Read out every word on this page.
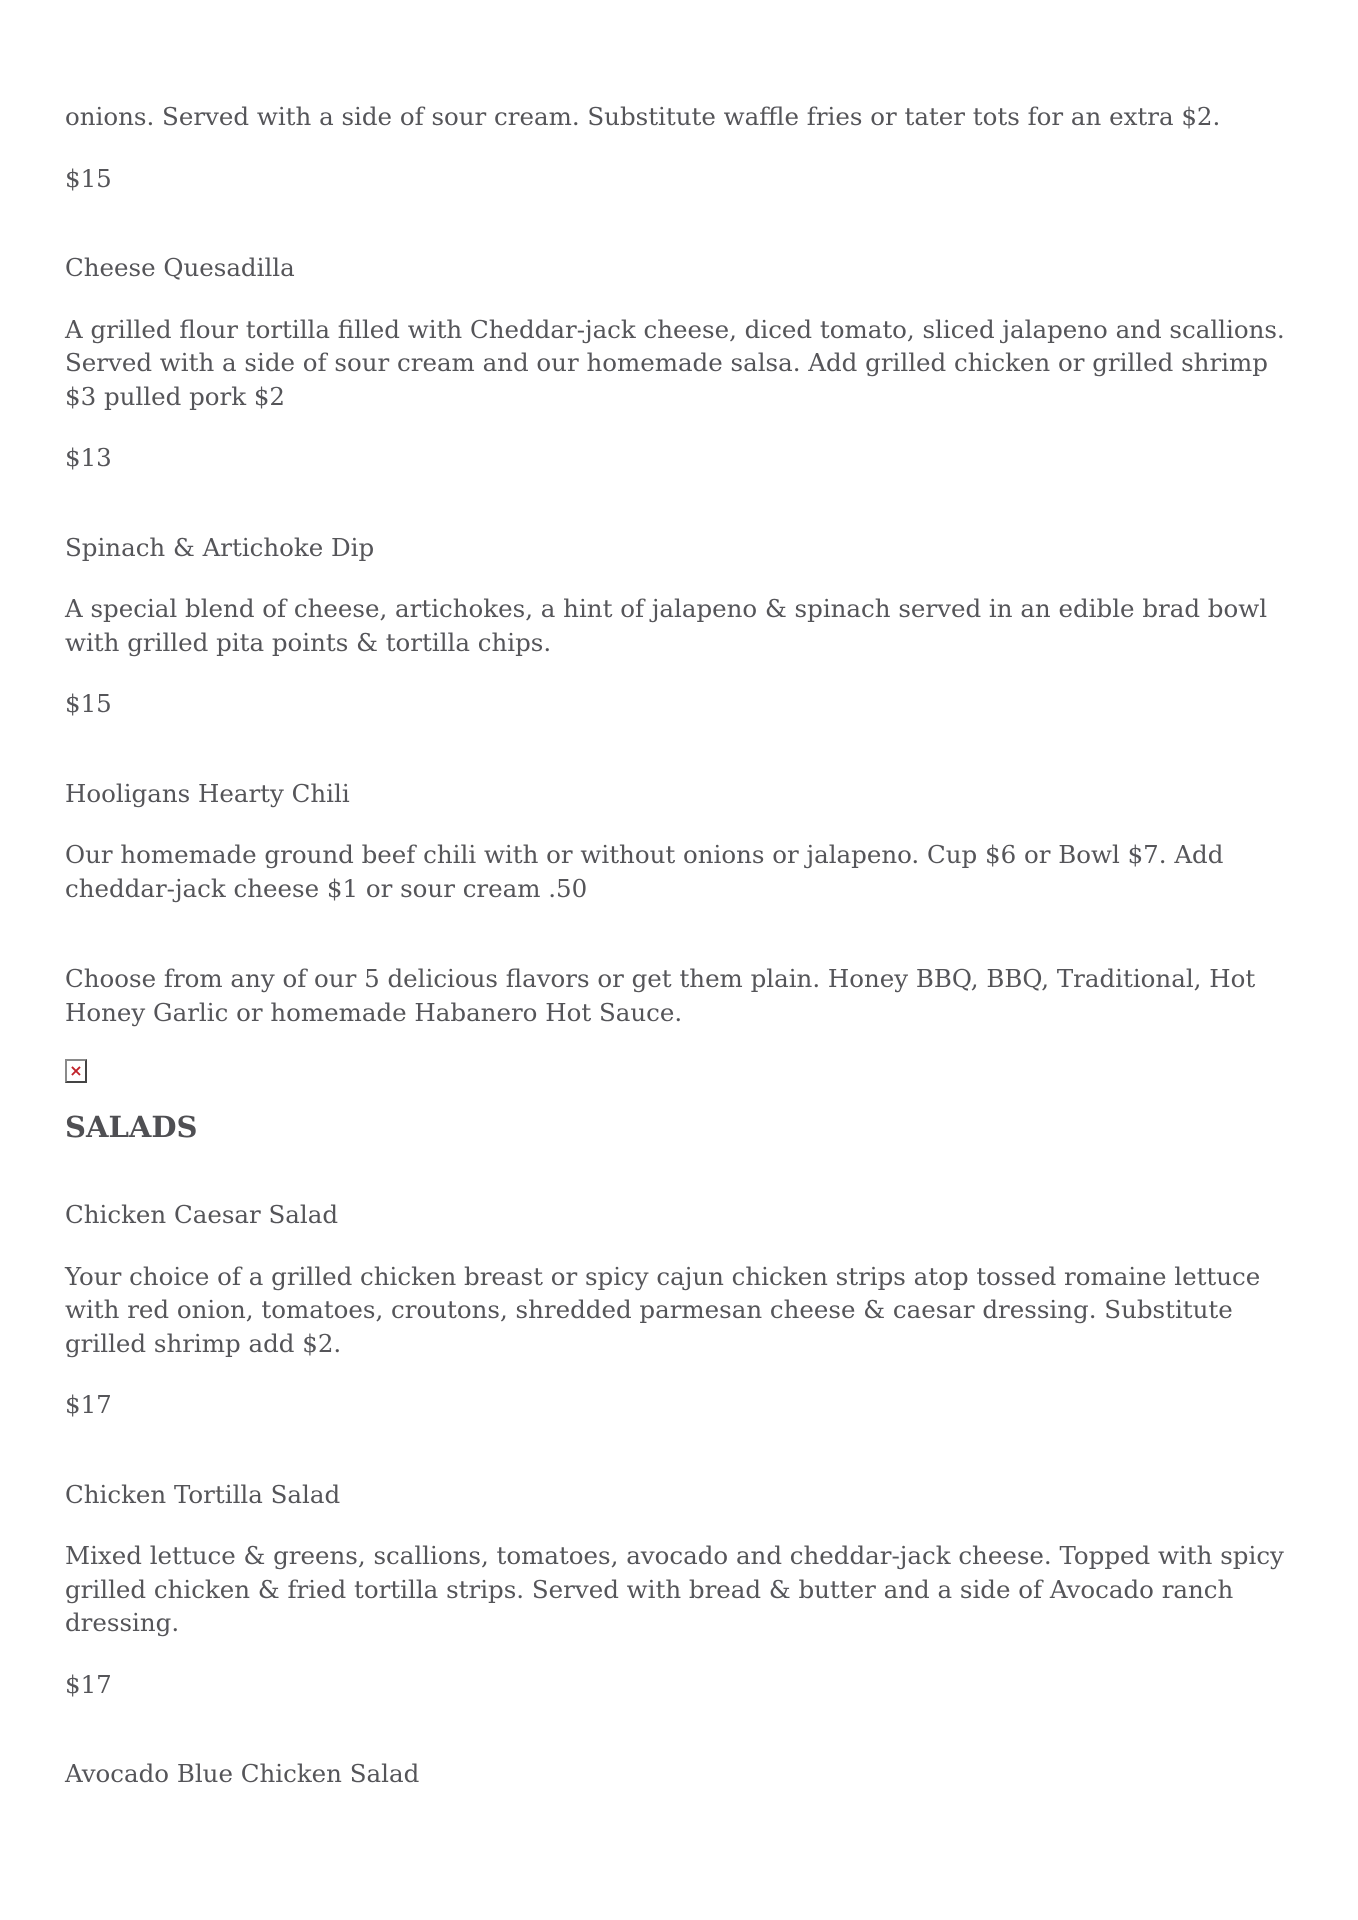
onions. Served with a side of sour cream. Substitute waffle fries or tater tots for an extra $2.

$15

Cheese Quesadilla

A grilled flour tortilla filled with Cheddar-jack cheese, diced tomato, sliced jalapeno and scallions. Served with a side of sour cream and our homemade salsa. Add grilled chicken or grilled shrimp $3 pulled pork $2

$13

Spinach & Artichoke Dip

A special blend of cheese, artichokes, a hint of jalapeno & spinach served in an edible brad bowl with grilled pita points & tortilla chips.

$15

Hooligans Hearty Chili

Our homemade ground beef chili with or without onions or jalapeno. Cup $6 or Bowl $7. Add cheddar-jack cheese $1 or sour cream .50

Choose from any of our 5 delicious flavors or get them plain. Honey BBQ, BBQ, Traditional, Hot Honey Garlic or homemade Habanero Hot Sauce.

×
SALADS

Chicken Caesar Salad

Your choice of a grilled chicken breast or spicy cajun chicken strips atop tossed romaine lettuce with red onion, tomatoes, croutons, shredded parmesan cheese & caesar dressing. Substitute grilled shrimp add $2.

$17

Chicken Tortilla Salad

Mixed lettuce & greens, scallions, tomatoes, avocado and cheddar-jack cheese. Topped with spicy grilled chicken & fried tortilla strips. Served with bread & butter and a side of Avocado ranch dressing.

$17

Avocado Blue Chicken Salad
